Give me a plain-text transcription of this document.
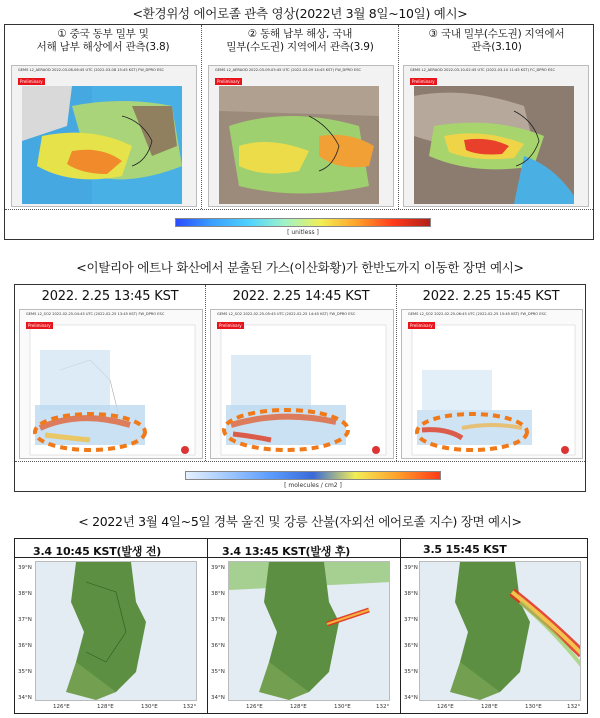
<환경위성 에어로졸 관측 영상(2022년 3월 8일~10일) 예시>
① 중국 동부 밀부 및
서해 남부 해상에서 관측(3.8)
② 동해 남부 해상, 국내
밀부(수도권) 지역에서 관측(3.9)
③ 국내 밀부(수도권) 지역에서
관측(3.10)
GEMS L2_AERAOD 2022-03-08-06:45 UTC (2022-03-08 15:45 KST) FW_DPRO ESC
Preliminary
GEMS L2_AERAOD 2022-03-09-05:45 UTC (2022-03-09 14:45 KST) FW_DPRO ESC
Preliminary
GEMS L2_AERAOD 2022-03-10-02:45 UTC (2022-03-10 11:45 KST) FC_DPRO ESC
Preliminary
[ unitless ]
<이탈리아 에트나 화산에서 분출된 가스(이산화황)가 한반도까지 이동한 장면 예시>
2022. 2.25 13:45 KST	2022. 2.25 14:45 KST	2022. 2.25 15:45 KST
GEMS L2_SO2 2022-02-25-04:45 UTC (2022-02-25 13:45 KST) FW_DPRO ESC
Preliminary
GEMS L2_SO2 2022-02-25-05:45 UTC (2022-02-25 14:45 KST) FW_DPRO ESC
Preliminary
GEMS L2_SO2 2022-02-25-06:45 UTC (2022-02-25 15:45 KST) FW_DPRO ESC
Preliminary
[ molecules / cm2 ]
< 2022년 3월 4일~5일 경북 울진 및 강릉 산불(자외선 에어로졸 지수) 장면 예시>
3.4 10:45 KST(발생 전)	3.4 13:45 KST(발생 후)	3.5 15:45 KST
39°N
38°N
37°N
36°N
35°N
34°N
126°E	128°E	130°E	132°
39°N
38°N
37°N
36°N
35°N
34°N
126°E	128°E	130°E	132°
39°N
38°N
37°N
36°N
35°N
34°N
126°E	128°E	130°E	132°
